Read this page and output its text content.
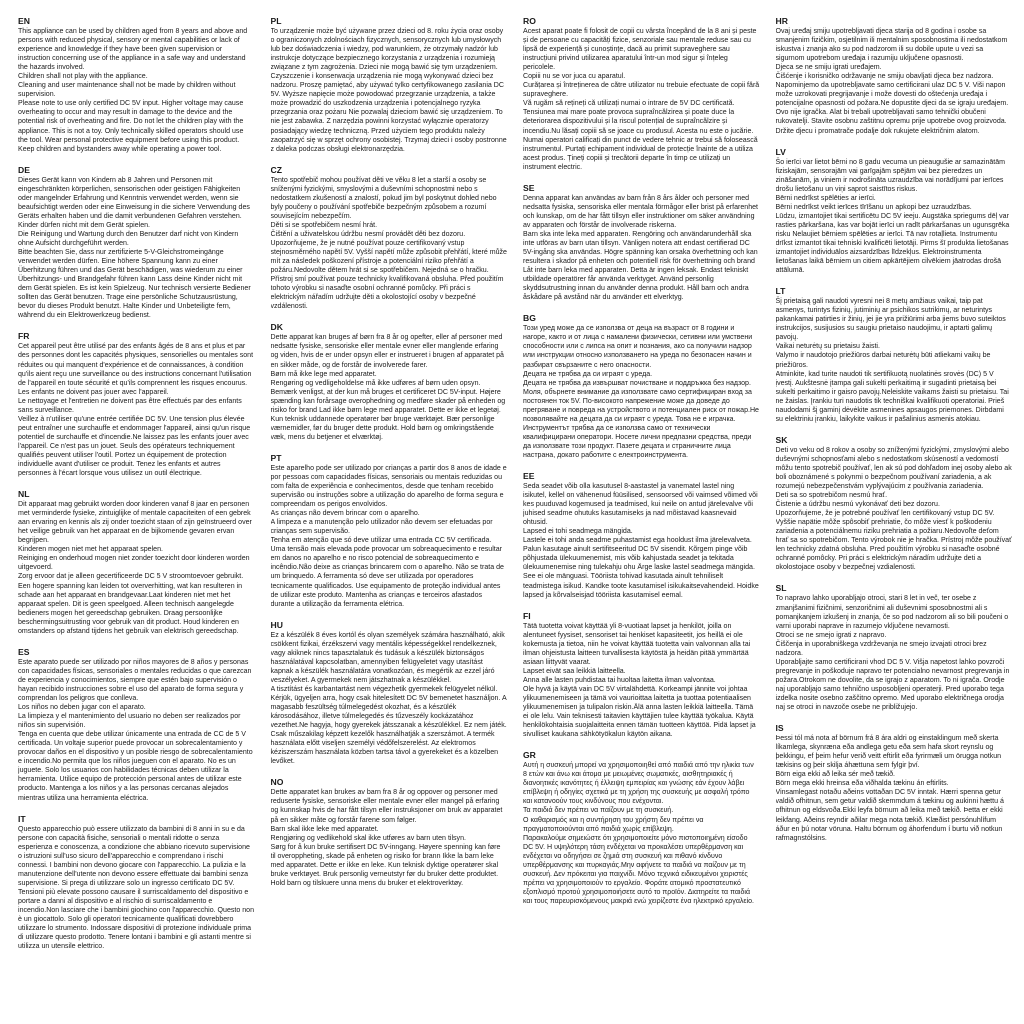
EN
This appliance can be used by children aged from 8 years and above and persons with reduced physical, sensory or mental capabilities or lack of experience and knowledge if they have been given supervision or instruction concerning use of the appliance in a safe way and understand the hazards involved.
Children shall not play with the appliance.
Cleaning and user maintenance shall not be made by children without supervision.
Please note to use only certified DC 5V input. Higher voltage may cause overheating to occur and may result in damage to the device and the potential risk of overheating and fire. Do not let the children play with the appliance. This is not a toy. Only technically skilled operators should use the tool. Wear personal protective equipment before using this product. Keep children and bystanders away while operating a power tool.
DE
Dieses Gerät kann von Kindern ab 8 Jahren und Personen mit eingeschränkten körperlichen, sensorischen oder geistigen Fähigkeiten oder mangelnder Erfahrung und Kenntnis verwendet werden, wenn sie beaufsichtigt werden oder eine Einweisung in die sichere Verwendung des Geräts erhalten haben und die damit verbundenen Gefahren verstehen.
Kinder dürfen nicht mit dem Gerät spielen.
Die Reinigung und Wartung durch den Benutzer darf nicht von Kindern ohne Aufsicht durchgeführt werden.
Bitte beachten Sie, dass nur zertifizierte 5-V-Gleichstromeingänge verwendet werden dürfen. Eine höhere Spannung kann zu einer Überhitzung führen und das Gerät beschädigen, was wiederum zu einer Überhitzungs- und Brandgefahr führen kann Lass deine Kinder nicht mit dem Gerät spielen. Es ist kein Spielzeug. Nur technisch versierte Bediener sollten das Gerät benutzen. Trage eine persönliche Schutzausrüstung, bevor du dieses Produkt benutzt. Halte Kinder und Unbeteiligte fern, während du ein Elektrowerkzeug bedienst.
FR
Cet appareil peut être utilisé par des enfants âgés de 8 ans et plus et par des personnes dont les capacités physiques, sensorielles ou mentales sont réduites ou qui manquent d'expérience et de connaissances, à condition qu'ils aient reçu une surveillance ou des instructions concernant l'utilisation de l'appareil en toute sécurité et qu'ils comprennent les risques encourus.
Les enfants ne doivent pas jouer avec l'appareil.
Le nettoyage et l'entretien ne doivent pas être effectués par des enfants sans surveillance.
Veillez à n'utiliser qu'une entrée certifiée DC 5V. Une tension plus élevée peut entraîner une surchauffe et endommager l'appareil, ainsi qu'un risque potentiel de surchauffe et d'incendie.Ne laissez pas les enfants jouer avec l'appareil. Ce n'est pas un jouet. Seuls des opérateurs techniquement qualifiés peuvent utiliser l'outil. Portez un équipement de protection individuelle avant d'utiliser ce produit. Tenez les enfants et autres personnes à l'écart lorsque vous utilisez un outil électrique.
NL
Dit apparaat mag gebruikt worden door kinderen vanaf 8 jaar en personen met verminderde fysieke, zintuiglijke of mentale capaciteiten of een gebrek aan ervaring en kennis als zij onder toezicht staan of zijn geïnstrueerd over het veilige gebruik van het apparaat en de bijkomende gevaren ervan begrijpen.
Kinderen mogen niet met het apparaat spelen.
Reiniging en onderhoud mogen niet zonder toezicht door kinderen worden uitgevoerd.
Zorg ervoor dat je alleen gecertificeerde DC 5 V stroomtoevoer gebruikt. Een hogere spanning kan leiden tot oververhitting, wat kan resulteren in schade aan het apparaat en brandgevaar.Laat kinderen niet met het apparaat spelen. Dit is geen speelgoed. Alleen technisch aangelegde bedieners mogen het gereedschap gebruiken. Draag persoonlijke beschermingsuitrusting voor gebruik van dit product. Houd kinderen en omstanders op afstand tijdens het gebruik van elektrisch gereedschap.
ES
Este aparato puede ser utilizado por niños mayores de 8 años y personas con capacidades físicas, sensoriales o mentales reducidas o que carezcan de experiencia y conocimientos, siempre que estén bajo supervisión o hayan recibido instrucciones sobre el uso del aparato de forma segura y comprendan los peligros que conlleva.
Los niños no deben jugar con el aparato.
La limpieza y el mantenimiento del usuario no deben ser realizados por niños sin supervisión.
Tenga en cuenta que debe utilizar únicamente una entrada de CC de 5 V certificada. Un voltaje superior puede provocar un sobrecalentamiento y provocar daños en el dispositivo y un posible riesgo de sobrecalentamiento e incendio.No permita que los niños jueguen con el aparato. No es un juguete. Solo los usuarios con habilidades técnicas deben utilizar la herramienta. Utilice equipo de protección personal antes de utilizar este producto. Mantenga a los niños y a las personas cercanas alejados mientras utiliza una herramienta eléctrica.
IT
Questo apparecchio può essere utilizzato da bambini di 8 anni in su e da persone con capacità fisiche, sensoriali o mentali ridotte o senza esperienza e conoscenza, a condizione che abbiano ricevuto supervisione o istruzioni sull'uso sicuro dell'apparecchio e comprendano i rischi connessi. I bambini non devono giocare con l'apparecchio. La pulizia e la manutenzione dell'utente non devono essere effettuate dai bambini senza supervisione. Si prega di utilizzare solo un ingresso certificato DC 5V. Tensioni più elevate possono causare il surriscaldamento del dispositivo e portare a danni al dispositivo e al rischio di surriscaldamento e incendio.Non lasciare che i bambini giochino con l'apparecchio. Questo non è un giocattolo. Solo gli operatori tecnicamente qualificati dovrebbero utilizzare lo strumento. Indossare dispositivi di protezione individuale prima di utilizzare questo prodotto. Tenere lontani i bambini e gli astanti mentre si utilizza un utensile elettrico.
PL
To urządzenie może być używane przez dzieci od 8. roku życia oraz osoby o ograniczonych zdolnościach fizycznych, sensorycznych lub umysłowych lub bez doświadczenia i wiedzy, pod warunkiem, że otrzymały nadzór lub instrukcje dotyczące bezpiecznego korzystania z urządzenia i rozumieją związane z tym zagrożenia. Dzieci nie mogą bawić się tym urządzeniem. Czyszczenie i konserwacja urządzenia nie mogą wykonywać dzieci bez nadzoru. Proszę pamiętać, aby używać tylko certyfikowanego zasilania DC 5V. Wyższe napięcie może powodować przegrzanie urządzenia, a także może prowadzić do uszkodzenia urządzenia i potencjalnego ryzyka przegrzania oraz pożaru Nie pozwalaj dzieciom bawić się urządzeniem. To nie jest zabawka. Z narzędzia powinni korzystać wyłącznie operatorzy posiadający wiedzę techniczną. Przed użyciem tego produktu należy zaopatrzyć się w sprzęt ochrony osobistej. Trzymaj dzieci i osoby postronne z daleka podczas obsługi elektronarzędzia.
CZ
Tento spotřebič mohou používat děti ve věku 8 let a starší a osoby se sníženými fyzickými, smyslovými a duševními schopnostmi nebo s nedostatkem zkušeností a znalostí, pokud jim byl poskytnut dohled nebo byly poučeny o používání spotřebiče bezpečným způsobem a rozumí souvisejícím nebezpečím.
Děti si se spotřebičem nesmí hrát.
Čištění a uživatelskou údržbu nesmí provádět děti bez dozoru.
Upozorňujeme, že je nutné používat pouze certifikovaný vstup stejnosměrného napětí 5V. Vyšší napětí může způsobit přehřátí, které může mít za následek poškození přístroje a potenciální riziko přehřátí a požáru.Nedovolte dětem hrát si se spotřebičem. Nejedná se o hračku. Přístroj smí používat pouze technicky kvalifikovaná obsluha. Před použitím tohoto výrobku si nasaďte osobní ochranné pomůcky. Při práci s elektrickým nářadím udržujte děti a okolostojící osoby v bezpečné vzdálenosti.
DK
Dette apparat kan bruges af børn fra 8 år og opefter, eller af personer med nedsatte fysiske, sensoriske eller mentale evner eller manglende erfaring og viden, hvis de er under opsyn eller er instrueret i brugen af apparatet på en sikker måde, og de forstår de involverede farer.
Børn må ikke lege med apparatet.
Rengøring og vedligeholdelse må ikke udføres af børn uden opsyn.
Bemærk venligst, at der kun må bruges et certificeret DC 5V-input. Højere spænding kan forårsage overophedning og medføre skader på enheden og risiko for brand Lad ikke børn lege med apparatet. Dette er ikke et legetøj. Kun teknisk uddannede operatører bør bruge værktøjet. Bær personlige værnemidler, før du bruger dette produkt. Hold børn og omkringstående væk, mens du betjener et elværktøj.
PT
Este aparelho pode ser utilizado por crianças a partir dos 8 anos de idade e por pessoas com capacidades físicas, sensoriais ou mentais reduzidas ou com falta de experiência e conhecimentos, desde que tenham recebido supervisão ou instruções sobre a utilização do aparelho de forma segura e compreendam os perigos envolvidos.
As crianças não devem brincar com o aparelho.
A limpeza e a manutenção pelo utilizador não devem ser efetuadas por crianças sem supervisão.
Tenha em atenção que só deve utilizar uma entrada CC 5V certificada. Uma tensão mais elevada pode provocar um sobreaquecimento e resultar em danos no aparelho e no risco potencial de sobreaquecimento e incêndio.Não deixe as crianças brincarem com o aparelho. Não se trata de um brinquedo. A ferramenta só deve ser utilizada por operadores tecnicamente qualificados. Use equipamento de proteção individual antes de utilizar este produto. Mantenha as crianças e terceiros afastados durante a utilização da ferramenta elétrica.
HU
Ez a készülék 8 éves kortól és olyan személyek számára használható, akik csökkent fizikai, érzékszervi vagy mentális képességekkel rendelkeznek, vagy akiknek nincs tapasztalatuk és tudásuk a készülék biztonságos használatával kapcsolatban, amennyiben felügyeletet vagy utasítást kapnak a készülék használatára vonatkozóan, és megértik az ezzel járó veszélyeket. A gyermekek nem játszhatnak a készülékkel.
A tisztítást és karbantartást nem végezhetik gyermekek felügyelet nélkül. Kérjük, ügyeljen arra, hogy csak hitelesített DC 5V bemenetet használjon. A magasabb feszültség túlmelegedést okozhat, és a készülék károsodásához, illetve túlmelegedés és tűzveszély kockázatához vezethet.Ne hagyja, hogy gyerekek játsszanak a készülékkel. Ez nem játék. Csak műszakilag képzett kezelők használhatják a szerszámot. A termék használata előtt viseljen személyi védőfelszerelést. Az elektromos kéziszerszám használata közben tartsa távol a gyerekeket és a közelben levőket.
NO
Dette apparatet kan brukes av barn fra 8 år og oppover og personer med reduserte fysiske, sensoriske eller mentale evner eller mangel på erfaring og kunnskap hvis de har fått tilsyn eller instruksjoner om bruk av apparatet på en sikker måte og forstår farene som følger.
Barn skal ikke leke med apparatet.
Rengjøring og vedlikehold skal ikke utføres av barn uten tilsyn.
Sørg for å kun bruke sertifisert DC 5V-inngang. Høyere spenning kan føre til overoppheting, skade på enheten og risiko for brann Ikke la barn leke med apparatet. Dette er ikke en leke. Kun teknisk dyktige operatører skal bruke verktøyet. Bruk personlig verneutstyr før du bruker dette produktet. Hold barn og tilskuere unna mens du bruker et elektroverktøy.
RO
Acest aparat poate fi folosit de copii cu vârsta începând de la 8 ani și peste și de persoane cu capacități fizice, senzoriale sau mentale reduse sau cu lipsă de experiență și cunoștințe, dacă au primit supraveghere sau instrucțiuni privind utilizarea aparatului într-un mod sigur și înțeleg pericolele.
Copiii nu se vor juca cu aparatul.
Curățarea și întreținerea de către utilizator nu trebuie efectuate de copii fără supraveghere.
Vă rugăm să rețineți că utilizați numai o intrare de 5V DC certificată. Tensiunea mai mare poate provoca supraîncălzirea și poate duce la deteriorarea dispozitivului și la riscul potențial de supraîncălzire și incendiu.Nu lăsați copiii să se joace cu produsul. Acesta nu este o jucărie. Numai operatori calificați din punct de vedere tehnic ar trebui să folosească instrumentul. Purtați echipament individual de protecție înainte de a utiliza acest produs. Țineți copiii și trecătorii departe în timp ce utilizați un instrument electric.
SE
Denna apparat kan användas av barn från 8 års ålder och personer med nedsatta fysiska, sensoriska eller mentala förmågor eller brist på erfarenhet och kunskap, om de har fått tillsyn eller instruktioner om säker användning av apparaten och förstår de involverade riskerna.
Barn ska inte leka med apparaten. Rengöring och användarunderhåll ska inte utföras av barn utan tillsyn. Vänligen notera att endast certifierad DC 5V-ingång ska användas. Högre spänning kan orsaka överhettning och kan resultera i skador på enheten och potentiell risk för överhettning och brand Låt inte barn leka med apparaten. Detta är ingen leksak. Endast tekniskt utbildade operatörer får använda verktyget. Använd personlig skyddsutrustning innan du använder denna produkt. Håll barn och andra åskådare på avstånd när du använder ett elverktyg.
BG
Този уред може да се използва от деца на възраст от 8 години и нагоре, както и от лица с намалени физически, сетивни или умствени способности или с липса на опит и познания, ако са получили надзор или инструкции относно използването на уреда по безопасен начин и разбират свързаните с него опасности.
Децата не трябва да си играят с уреда.
Децата не трябва да извършват почистване и поддръжка без надзор.
Моля, обърнете внимание да използвате само сертифициран вход за постоянен ток 5V. По-високото напрежение може да доведе до прегряване и повреда на устройството и потенциален риск от пожар.Не позволявайте на децата да си играят с уреда. Това не е играчка. Инструментът трябва да се използва само от технически квалифицирани оператори. Носете лични предпазни средства, преди да използвате този продукт. Пазете децата и страничните лица настрана, докато работите с електроинструмента.
EE
Seda seadet võib olla kasutusel 8-aastastel ja vanematel lastel ning isikutel, kellel on vähenenud füüsilised, sensoorsed või vaimsed võimed või kes puuduvad kogemused ja teadmised, kui neile on antud järelevalve või juhised seadme ohutuks kasutamiseks ja nad mõistavad kaasnevaid ohtusid.
Lapsed ei tohi seadmega mängida.
Lastele ei tohi anda seadme puhastamist ega hooldust ilma järelevalveta.
Palun kasutage ainult sertifitseeritud DC 5V sisendit. Kõrgem pinge võib põhjustada ülekuumenemist, mis võib kahjustada seadet ja tekitada ülekuumenemise ning tulekahju ohu Ärge laske lastel seadmega mängida. See ei ole mänguasi. Tööriista tohivad kasutada ainult tehniliselt teadmistega isikud. Kandke toote kasutamisel isikukaitsevahendeid. Hoidke lapsed ja kõrvalseisjad tööriista kasutamisel eemal.
FI
Tätä tuotetta voivat käyttää yli 8-vuotiaat lapset ja henkilöt, joilla on alentuneet fyysiset, sensoriset tai henkiset kapasiteetit, jos heillä ei ole kokemusta ja tietoa, niin he voivat käyttää tuotetta vain valvonnan alla tai ilman ohjeistusta laitteen turvallisesta käytöstä ja heidän pitää ymmärtää asiaan liittyvät vaarat.
Lapset eivät saa leikkiä laitteella.
Anna alle lasten puhdistaa tai huoltaa laitetta ilman valvontaa.
Ole hyvä ja käytä vain DC 5V virtalähdettä. Korkeampi jännite voi johtaa ylikuumenemiseen ja tämä voi vaurioittaa laitetta ja tuottaa potentiaalisen ylikuumenemisen ja tulipalon riskin.Älä anna lasten leikkiä laitteella. Tämä ei ole lelu. Vain teknisesti taitavien käyttäjien tulee käyttää työkalua. Käytä henkilökohtaisia suojalaitteita ennen tämän tuotteen käyttöä. Pidä lapset ja sivulliset kaukana sähkötyökalun käytön aikana.
GR
Αυτή η συσκευή μπορεί να χρησιμοποιηθεί από παιδιά από την ηλικία των 8 ετών και άνω και άτομα με μειωμένες σωματικές, αισθητηριακές ή διανοητικές ικανότητες ή έλλειψη εμπειρίας και γνώσης εάν έχουν λάβει επίβλεψη ή οδηγίες σχετικά με τη χρήση της συσκευής με ασφαλή τρόπο και κατανοούν τους κινδύνους που ενέχονται.
Τα παιδιά δεν πρέπει να παίζουν με τη συσκευή.
Ο καθαρισμός και η συντήρηση του χρήστη δεν πρέπει να πραγματοποιούνται από παιδιά χωρίς επίβλεψη.
Παρακαλούμε σημειώστε ότι χρησιμοποιείτε μόνο πιστοποιημένη είσοδο DC 5V. Η υψηλότερη τάση ενδέχεται να προκαλέσει υπερθέρμανση και ενδέχεται να οδηγήσει σε ζημιά στη συσκευή και πιθανό κίνδυνο υπερθέρμανσης και πυρκαγιάς.Μην αφήνετε τα παιδιά να παίζουν με τη συσκευή. Δεν πρόκειται για παιχνίδι. Μόνο τεχνικά ειδικευμένοι χειριστές πρέπει να χρησιμοποιούν το εργαλείο. Φοράτε ατομικό προστατευτικό εξοπλισμό προτού χρησιμοποιήσετε αυτό το προϊόν. Διατηρείτε τα παιδιά και τους παρευρισκόμενους μακριά ενώ χειρίζεστε ένα ηλεκτρικό εργαλείο.
HR
Ovaj uređaj smiju upotrebljavati djeca starija od 8 godina i osobe sa smanjenim fizičkim, osjetilnim ili mentalnim sposobnostima ili nedostatkom iskustva i znanja ako su pod nadzorom ili su dobile upute u vezi sa sigurnom upotrebom uređaja i razumiju uključene opasnosti.
Djeca se ne smiju igrati uređajem.
Čišćenje i korisničko održavanje ne smiju obavljati djeca bez nadzora.
Napominjemo da upotrebljavate samo certificirani ulaz DC 5 V. Viši napon može uzrokovati pregrijavanje i može dovesti do oštećenja uređaja i potencijalne opasnosti od požara.Ne dopustite djeci da se igraju uređajem. Ovo nije igračka. Alat bi trebali upotrebljavati samo tehnički obučeni rukovatelji. Stavite osobnu zaštitnu opremu prije upotrebe ovog proizvoda. Držite djecu i promatrače podalje dok rukujete električnim alatom.
LV
Šo ierīci var lietot bērni no 8 gadu vecuma un pieaugušie ar samazinātām fiziskajām, sensorajām vai garīgajām spējām vai bez pieredzes un zināšanām, ja viniem ir nodrošināta uzraudzība vai norādījumi par ierīces drošu lietošanu un viņi saprot saistītos riskus.
Bērni nedrīkst spēlēties ar ierīci.
Bērni nedrīkst veikt ierīces tīrīšanu un apkopi bez uzraudzības.
Lūdzu, izmantojiet tikai sertificētu DC 5V ieeju. Augstāka spriegums dēļ var rasties pārkaršana, kas var bojāt ierīci un radīt pārkaršanas un ugunsgrēka risku Nelaujiet bērniem spēlēties ar ierīci. Tā nav rotaļlieta. Instrumentu drīkst izmantot tikai tehniski kvalificēti lietotāji. Pirms šī produkta lietošanas izmantojiet individuālos aizsardzības līdzekļus. Elektroinstrumenta lietošanas laikā bērniem un citiem apkārtējiem cilvēkiem jāatrodas drošā attālumā.
LT
Šį prietaisą gali naudoti vyresni nei 8 metų amžiaus vaikai, taip pat asmenys, turintys fizinių, jutiminių ar psichikos sutrikimų, ar neturintys pakankamai patirties ir žinių, jei jie yra prižiūrimi arba jiems buvo suteiktos instrukcijos, susijusios su saugiu prietaiso naudojimu, ir aptarti galimų pavojų.
Vaikai neturėtų su prietaisu žaisti.
Valymo ir naudotojo priežiūros darbai neturėtų būti atliekami vaikų be priežiūros.
Atminkite, kad turite naudoti tik sertifikuotą nuolatinės srovės (DC) 5 V įvestį. Aukštesnė įtampa gali sukelti perkaitimą ir sugadinti prietaisą bei sukelti perkaitimo ir gaisro pavojų.Neleiskite vaikams žaisti su prietaisu. Tai ne žaislas. Įrankiu turi naudotis tik techniškai kvalifikuoti operatoriai. Prieš naudodami šį gaminį dėvėkite asmenines apsaugos priemones. Dirbdami su elektriniu įrankiu, laikykite vaikus ir pašalinius asmenis atokiau.
SK
Deti vo veku od 8 rokov a osoby so zníženými fyzickými, zmyslovými alebo duševnými schopnosťami alebo s nedostatkom skúseností a vedomostí môžu tento spotrebič používať, len ak sú pod dohľadom inej osoby alebo ak boli oboznámené s pokynmi o bezpečnom používaní zariadenia, a ak rozumejú nebezpečenstvám vyplývajúcim z používania zariadenia.
Deti sa so spotrebičom nesmú hrať.
Čistenie a údržbu nesmú vykonávať deti bez dozoru.
Upozorňujeme, že je potrebné používať len certifikovaný vstup DC 5V. Vyššie napätie môže spôsobiť prehriatie, čo môže viesť k poškodeniu zariadenia a potenciálnemu riziku prehriatia a požiaru.Nedovoľte deťom hrať sa so spotrebičom. Tento výrobok nie je hračka. Prístroj môže používať len technicky zdatná obsluha. Pred použitím výrobku si nasaďte osobné ochranné pomôcky. Pri práci s elektrickým náradím udržujte deti a okolostojace osoby v bezpečnej vzdialenosti.
SL
To napravo lahko uporabljajo otroci, stari 8 let in več, ter osebe z zmanjšanimi fizičnimi, senzoričnimi ali duševnimi sposobnostmi ali s pomanjkanjem izkušenj in znanja, če so pod nadzorom ali so bili poučeni o varni uporabi naprave in razumejo vključene nevarnosti.
Otroci se ne smejo igrati z napravo.
Čiščenja in uporabniškega vzdrževanja ne smejo izvajati otroci brez nadzora.
Uporabljajte samo certificirani vhod DC 5 V. Višja napetost lahko povzroči pregrevanje in poškoduje napravo ter potencialno nevarnost pregrevanja in požara.Otrokom ne dovolite, da se igrajo z aparatom. To ni igrača. Orodje naj uporabljajo samo tehnično usposobljeni operaterji. Pred uporabo tega izdelka nosite osebno zaščitno opremo. Med uporabo električnega orodja naj se otroci in navzoče osebe ne približujejo.
IS
Þessi tól má nota af börnum frá 8 ára aldri og einstaklingum með skerta líkamlega, skynræna eða andlega getu eða sem hafa skort reynslu og þekkingu, ef þeim hefur verið veitt eftirlit eða fyrirmæli um örugga notkun tækisins og þeir skilja áhættuna sem fylgir því.
Börn eiga ekki að leika sér með tækið.
Börn mega ekki hreinsa eða viðhalda tækinu án eftirlits.
Vinsamlegast notaðu aðeins vottaðan DC 5V inntak. Hærri spenna getur valdið ofhitnun, sem getur valdið skemmdum á tækinu og aukinni hættu á ofhitnun og eldsvoða.Ekki leyfa börnum að leika með tækið. Þetta er ekki leikfang. Aðeins reyndir aðilar mega nota tækið. Klæðist persónuhlífum áður en þú notar vöruna. Haltu börnum og áhorfendum í burtu við notkun rafmagnstólsins.
